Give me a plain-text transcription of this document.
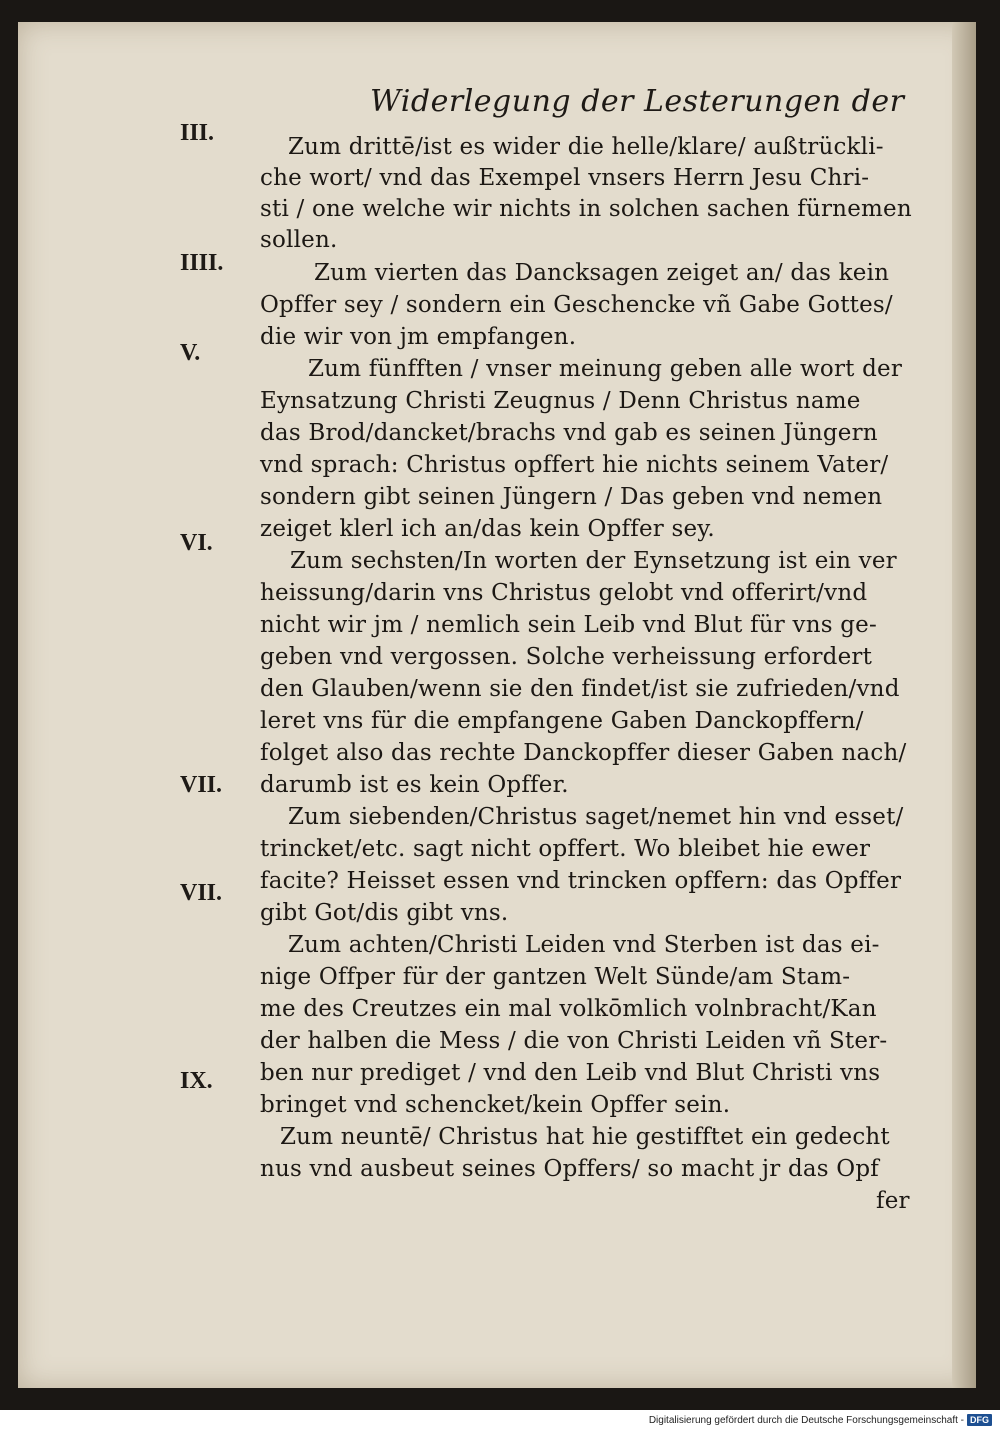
Widerlegung der Lesterungen der
III.
IIII.
V.
VI.
VII.
VII.
IX.
Zum drittē/ist es wider die helle/klare/ außtrückli-
che wort/ vnd das Exempel vnsers Herrn Jesu Chri-
sti / one welche wir nichts in solchen sachen fürnemen
sollen.
Zum vierten das Dancksagen zeiget an/ das kein
Opffer sey / sondern ein Geschencke vñ Gabe Gottes/
die wir von jm empfangen.
Zum fünfften / vnser meinung geben alle wort der
Eynsatzung Christi Zeugnus / Denn Christus name
das Brod/dancket/brachs vnd gab es seinen Jüngern
vnd sprach: Christus opffert hie nichts seinem Vater/
sondern gibt seinen Jüngern / Das geben vnd nemen
zeiget klerl ich an/das kein Opffer sey.
Zum sechsten/In worten der Eynsetzung ist ein ver
heissung/darin vns Christus gelobt vnd offerirt/vnd
nicht wir jm / nemlich sein Leib vnd Blut für vns ge-
geben vnd vergossen. Solche verheissung erfordert
den Glauben/wenn sie den findet/ist sie zufrieden/vnd
leret vns für die empfangene Gaben Danckopffern/
folget also das rechte Danckopffer dieser Gaben nach/
darumb ist es kein Opffer.
Zum siebenden/Christus saget/nemet hin vnd esset/
trincket/etc. sagt nicht opffert. Wo bleibet hie ewer
facite? Heisset essen vnd trincken opffern: das Opffer
gibt Got/dis gibt vns.
Zum achten/Christi Leiden vnd Sterben ist das ei-
nige Offper für der gantzen Welt Sünde/am Stam-
me des Creutzes ein mal volkōmlich volnbracht/Kan
der halben die Mess / die von Christi Leiden vñ Ster-
ben nur prediget / vnd den Leib vnd Blut Christi vns
bringet vnd schencket/kein Opffer sein.
Zum neuntē/ Christus hat hie gestifftet ein gedecht
nus vnd ausbeut seines Opffers/ so macht jr das Opf
fer
Digitalisierung gefördert durch die Deutsche Forschungsgemeinschaft - DFG
